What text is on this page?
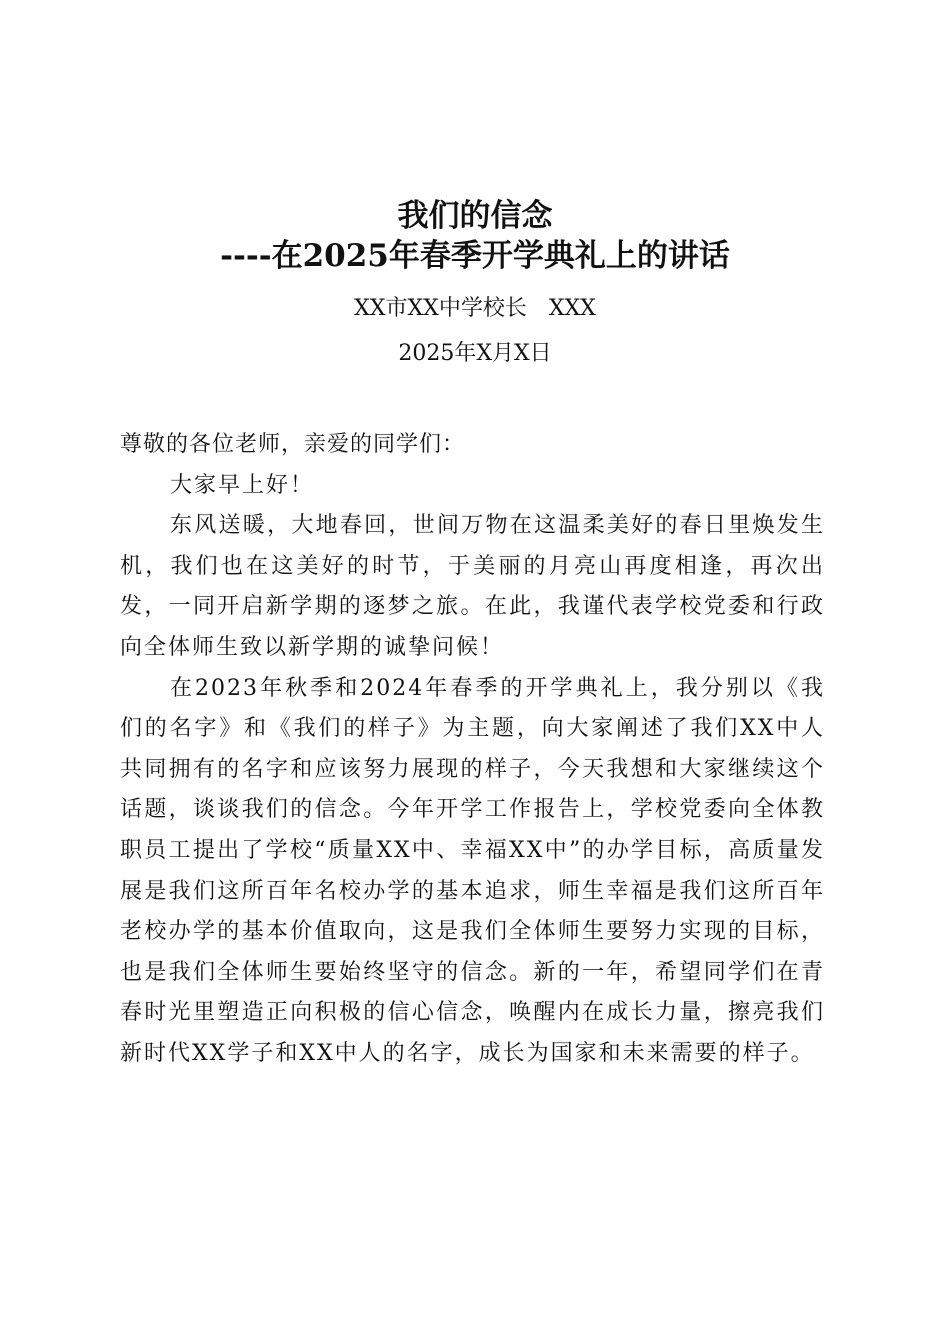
我们的信念
----在2025年春季开学典礼上的讲话
XX市XX中学校长　XXX
2025年X月X日

尊敬的各位老师，亲爱的同学们：

大家早上好！

东风送暖，大地春回，世间万物在这温柔美好的春日里焕发生机，我们也在这美好的时节，于美丽的月亮山再度相逢，再次出发，一同开启新学期的逐梦之旅。在此，我谨代表学校党委和行政向全体师生致以新学期的诚挚问候！

在2023年秋季和2024年春季的开学典礼上，我分别以《我们的名字》和《我们的样子》为主题，向大家阐述了我们XX中人共同拥有的名字和应该努力展现的样子，今天我想和大家继续这个话题，谈谈我们的信念。今年开学工作报告上，学校党委向全体教职员工提出了学校“质量XX中、幸福XX中”的办学目标，高质量发展是我们这所百年名校办学的基本追求，师生幸福是我们这所百年老校办学的基本价值取向，这是我们全体师生要努力实现的目标，也是我们全体师生要始终坚守的信念。新的一年，希望同学们在青春时光里塑造正向积极的信心信念，唤醒内在成长力量，擦亮我们新时代XX学子和XX中人的名字，成长为国家和未来需要的样子。
